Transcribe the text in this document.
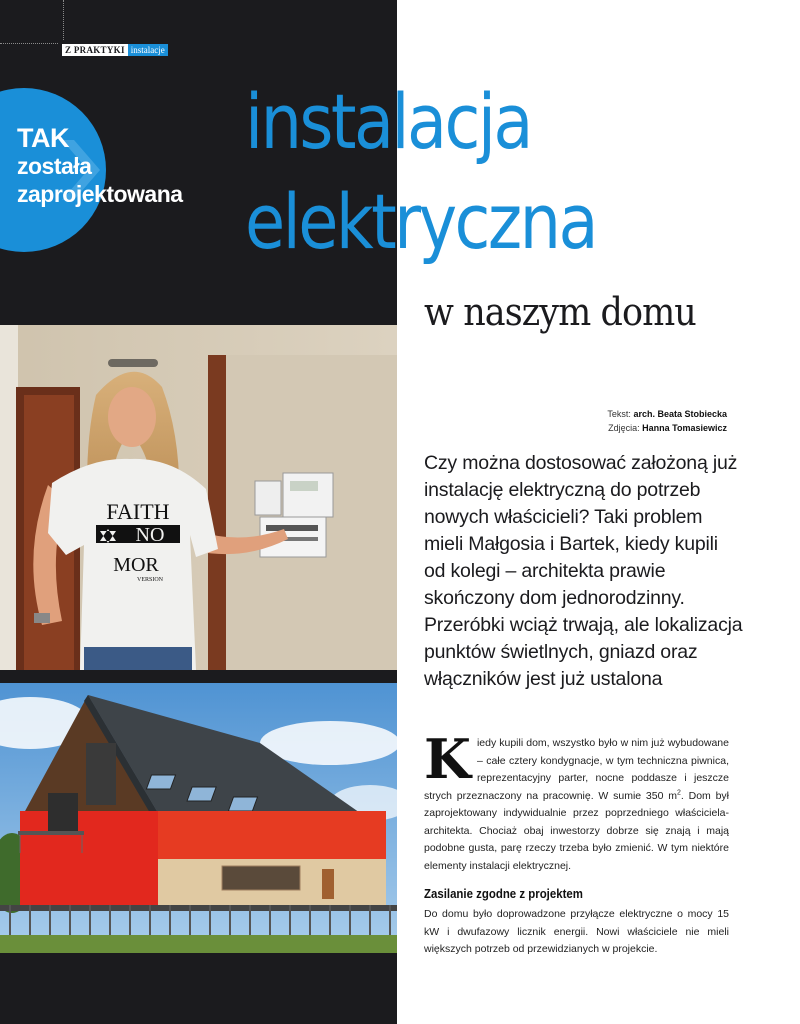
Z PRAKTYKI instalacje
TAK
została
zaprojektowana
instalacja
elektryczna
w naszym domu
FAITH
NO
MOR
VERSION
Tekst: arch. Beata Stobiecka
Zdjęcia: Hanna Tomasiewicz
Czy można dostosować założoną już instalację elektryczną do potrzeb nowych właścicieli? Taki problem mieli Małgosia i Bartek, kiedy kupili od kolegi – architekta prawie skończony dom jednorodzinny. Przeróbki wciąż trwają, ale lokalizacja punktów świetlnych, gniazd oraz włączników jest już ustalona
Kiedy kupili dom, wszystko było w nim już wybudowane – całe cztery kondygnacje, w tym techniczna piwnica, reprezentacyjny parter, nocne poddasze i jeszcze strych przeznaczony na pracownię. W sumie 350 $m^2$. Dom był zaprojektowany indywidualnie przez poprzedniego właściciela-architekta. Chociaż obaj inwestorzy dobrze się znają i mają podobne gusta, parę rzeczy trzeba było zmienić. W tym niektóre elementy instalacji elektrycznej.
Zasilanie zgodne z projektem
Do domu było doprowadzone przyłącze elektryczne o mocy 15 kW i dwufazowy licznik energii. Nowi właściciele nie mieli większych potrzeb od przewidzianych w projekcie.
